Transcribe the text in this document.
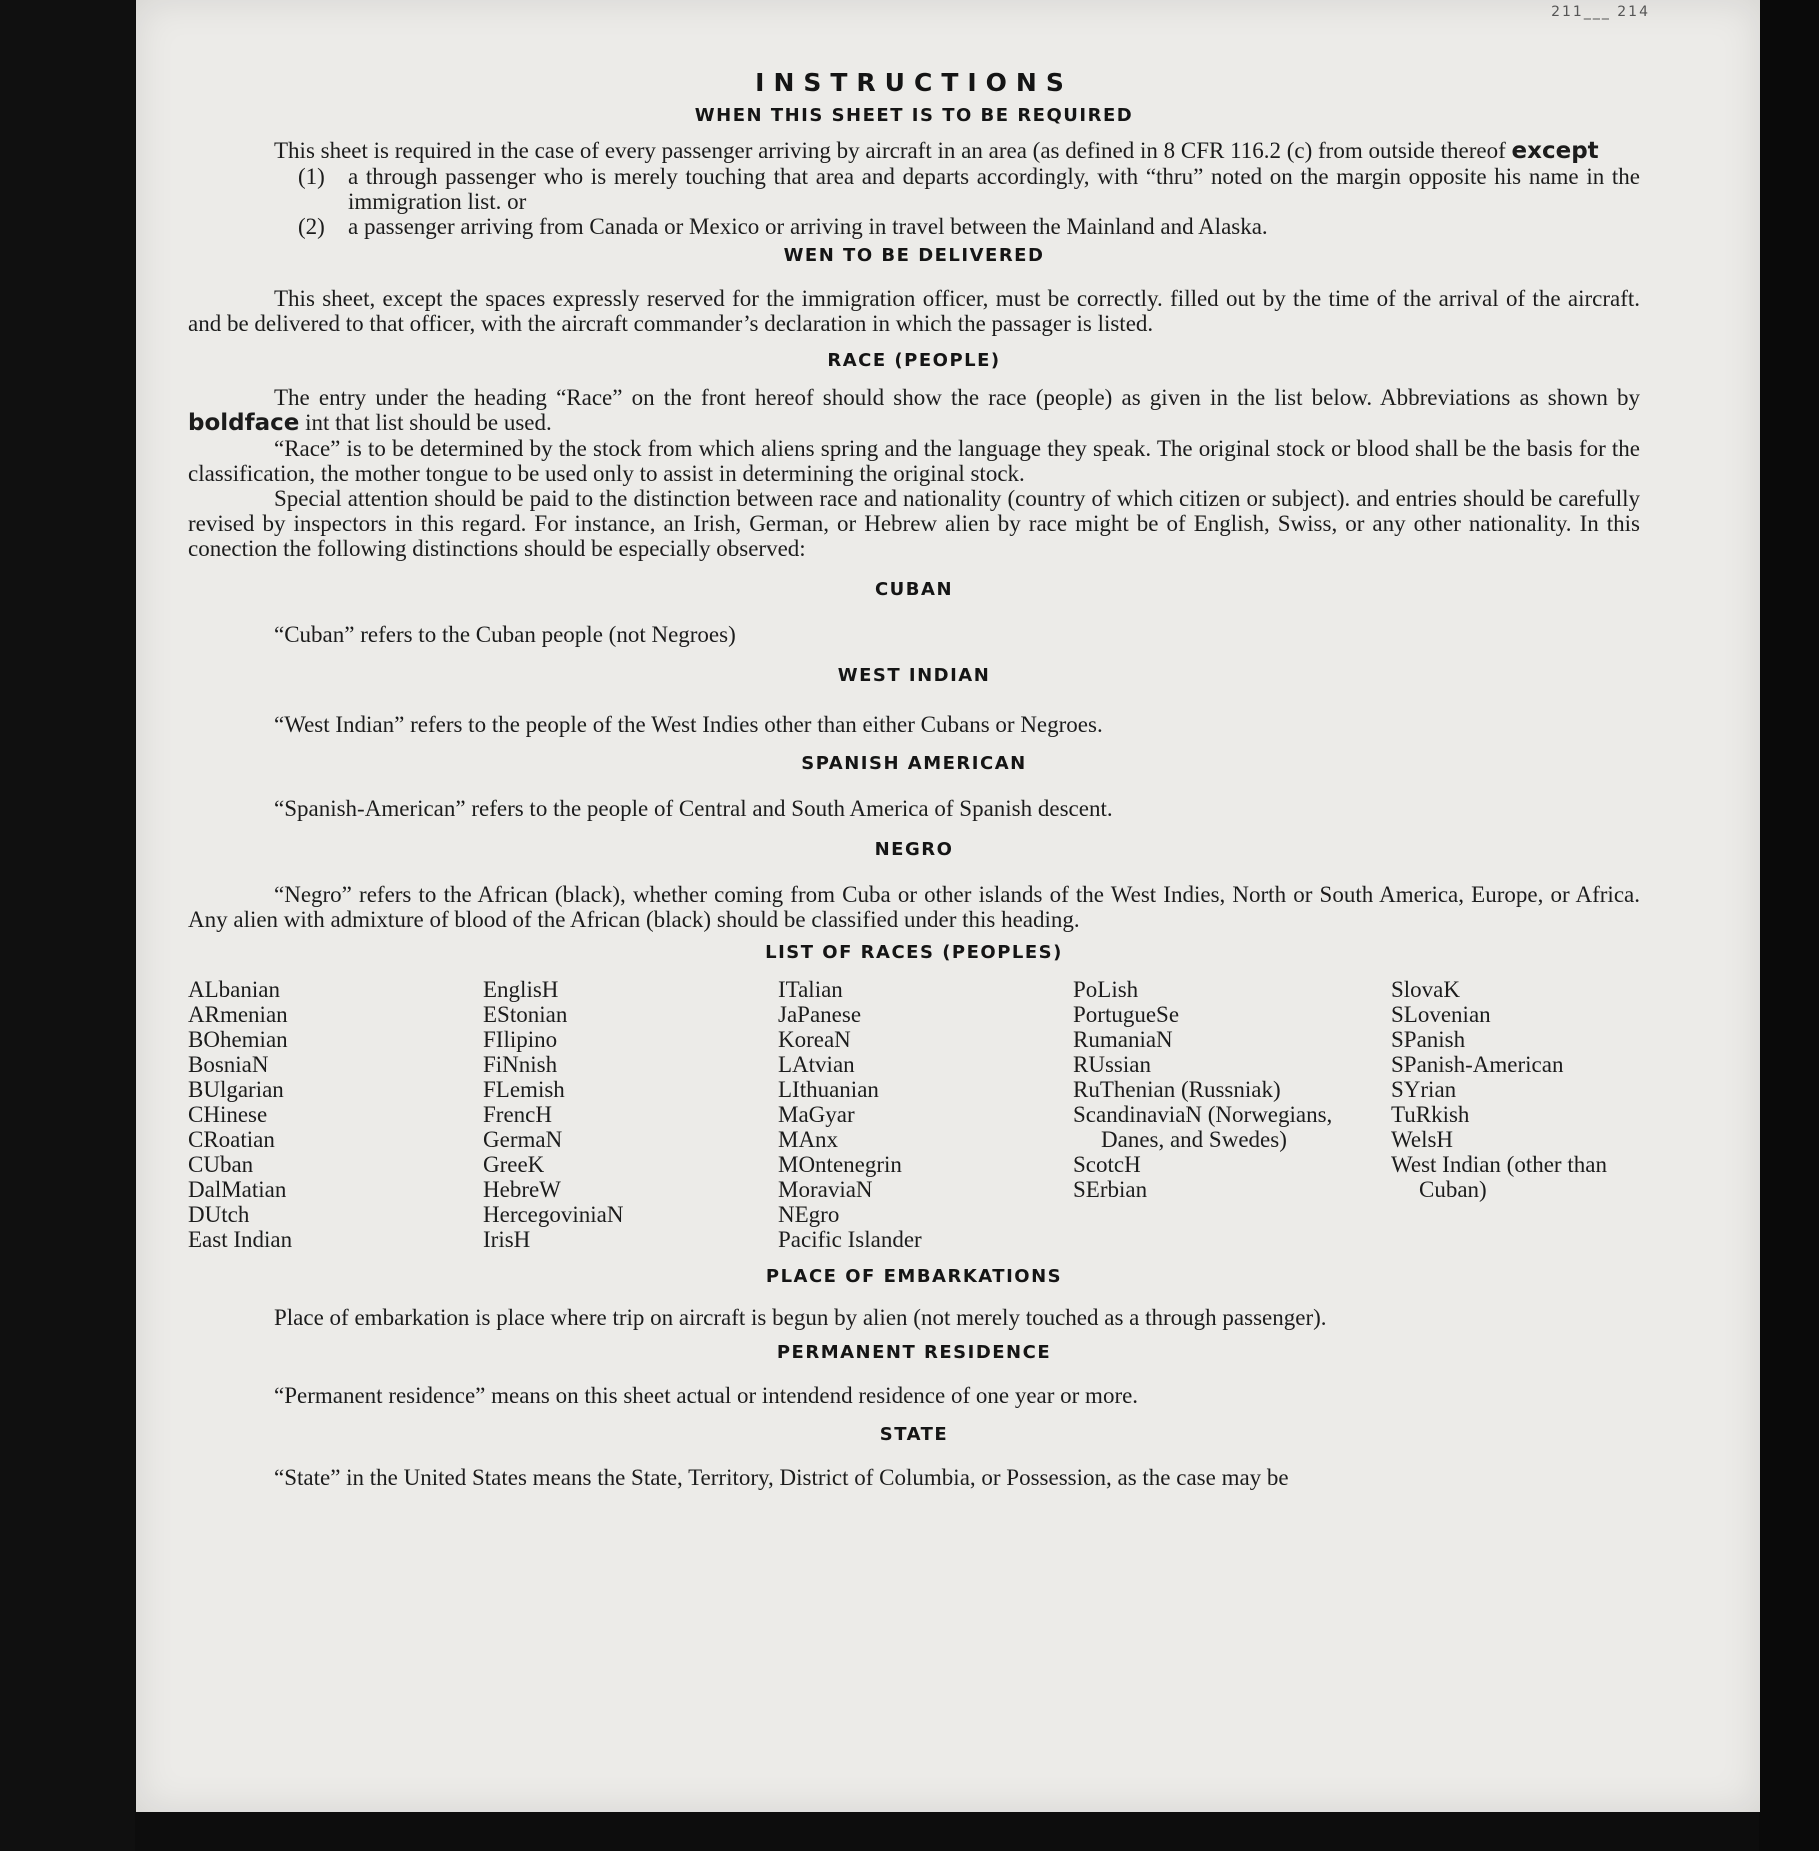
211___ 214
INSTRUCTIONS
WHEN THIS SHEET IS TO BE REQUIRED

This sheet is required in the case of every passenger arriving by aircraft in an area (as defined in 8 CFR 116.2 (c) from outside thereof except

(1)	a through passenger who is merely touching that area and departs accordingly, with “thru” noted on the margin opposite his name in the immigration list. or
(2)	a passenger arriving from Canada or Mexico or arriving in travel between the Mainland and Alaska.
WEN TO BE DELIVERED

This sheet, except the spaces expressly reserved for the immigration officer, must be correctly. filled out by the time of the arrival of the aircraft. and be delivered to that officer, with the aircraft commander’s declaration in which the passager is listed.

RACE (PEOPLE)

The entry under the heading “Race” on the front hereof should show the race (people) as given in the list below. Abbreviations as shown by boldface int that list should be used.

“Race” is to be determined by the stock from which aliens spring and the language they speak. The original stock or blood shall be the basis for the classification, the mother tongue to be used only to assist in determining the original stock.

Special attention should be paid to the distinction between race and nationality (country of which citizen or subject). and entries should be carefully revised by inspectors in this regard. For instance, an Irish, German, or Hebrew alien by race might be of English, Swiss, or any other nationality. In this conection the following distinctions should be especially observed:

CUBAN

“Cuban” refers to the Cuban people (not Negroes)

WEST INDIAN

“West Indian” refers to the people of the West Indies other than either Cubans or Negroes.

SPANISH AMERICAN

“Spanish-American” refers to the people of Central and South America of Spanish descent.

NEGRO

“Negro” refers to the African (black), whether coming from Cuba or other islands of the West Indies, North or South America, Europe, or Africa. Any alien with admixture of blood of the African (black) should be classified under this heading.

LIST OF RACES (PEOPLES)
ALbanian
ARmenian
BOhemian
BosniaN
BUlgarian
CHinese
CRoatian
CUban
DalMatian
DUtch
East Indian
EnglisH
EStonian
FIlipino
FiNnish
FLemish
FrencH
GermaN
GreeK
HebreW
HercegoviniaN
IrisH
ITalian
JaPanese
KoreaN
LAtvian
LIthuanian
MaGyar
MAnx
MOntenegrin
MoraviaN
NEgro
Pacific Islander
PoLish
PortugueSe
RumaniaN
RUssian
RuThenian (Russniak)
ScandinaviaN (Norwegians, Danes, and Swedes)
ScotcH
SErbian
SlovaK
SLovenian
SPanish
SPanish-American
SYrian
TuRkish
WelsH
West Indian (other than Cuban)
PLACE OF EMBARKATIONS

Place of embarkation is place where trip on aircraft is begun by alien (not merely touched as a through passenger).

PERMANENT RESIDENCE

“Permanent residence” means on this sheet actual or intendend residence of one year or more.

STATE

“State” in the United States means the State, Territory, District of Columbia, or Possession, as the case may be
